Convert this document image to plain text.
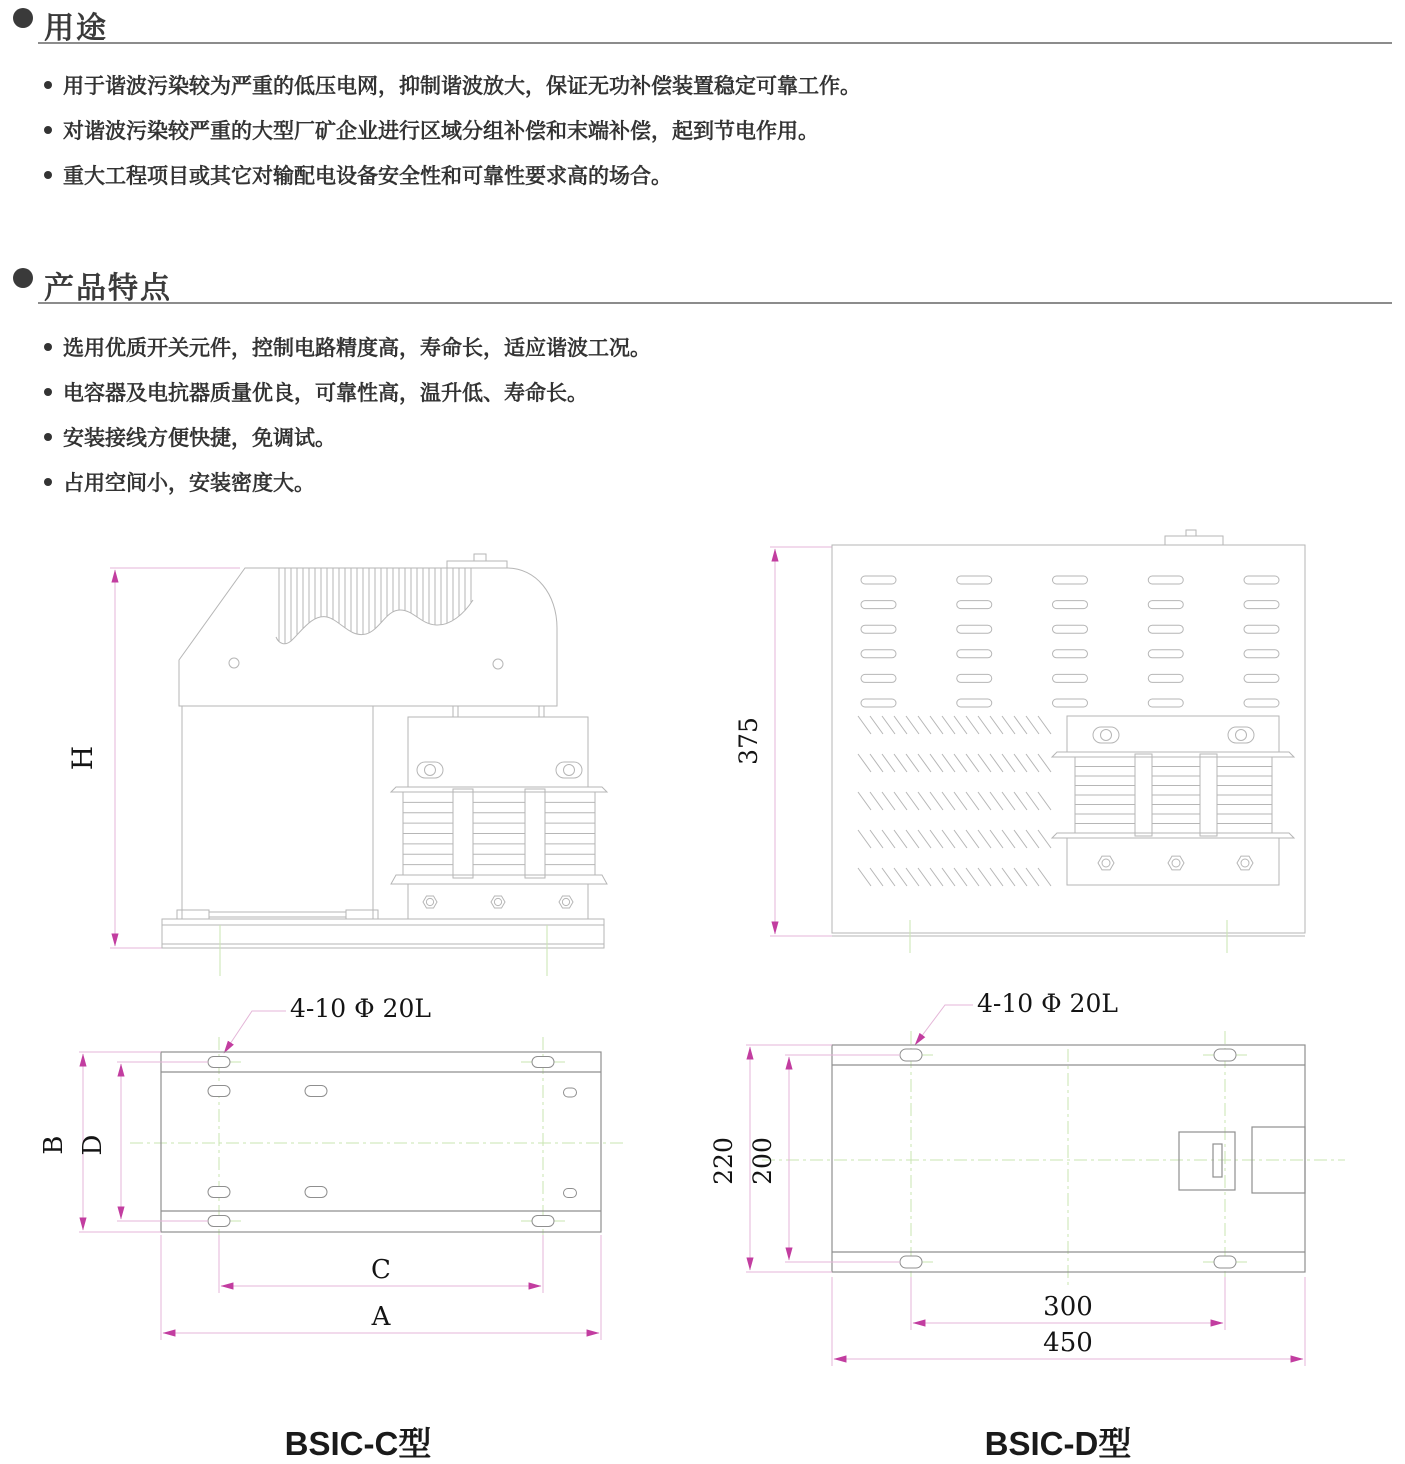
用途
用于谐波污染较为严重的低压电网，抑制谐波放大，保证无功补偿装置稳定可靠工作。
对谐波污染较严重的大型厂矿企业进行区域分组补偿和末端补偿，起到节电作用。
重大工程项目或其它对输配电设备安全性和可靠性要求高的场合。
产品特点
选用优质开关元件，控制电路精度高，寿命长，适应谐波工况。
电容器及电抗器质量优良，可靠性高，温升低、寿命长。
安装接线方便快捷，免调试。
占用空间小，安装密度大。
H	375
4-10 Φ 20L
B D
C
A
4-10 Φ 20L
220 200
300
450
BSIC-C型	BSIC-D型
